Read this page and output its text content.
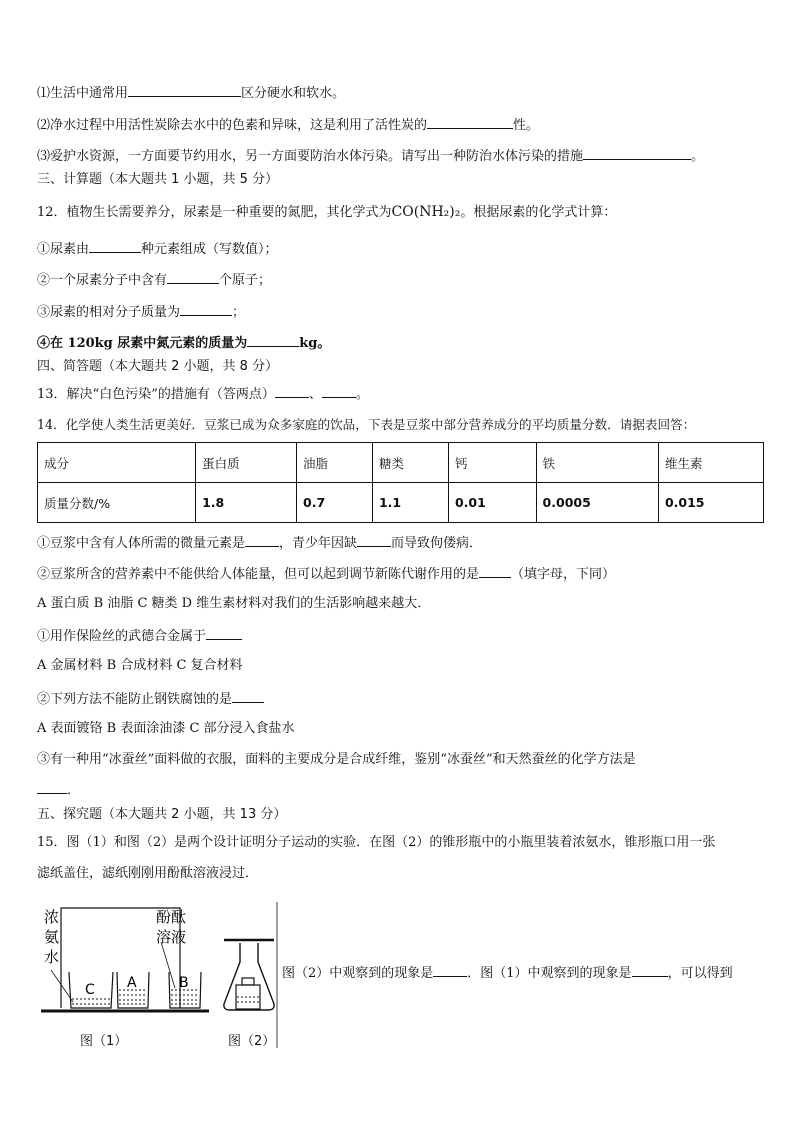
⑴生活中通常用	区分硬水和软水。
⑵净水过程中用活性炭除去水中的色素和异味，这是利用了活性炭的	性。
⑶爱护水资源，一方面要节约用水，另一方面要防治水体污染。请写出一种防治水体污染的措施	。
三、计算题（本大题共 1 小题，共 5 分）
12．植物生长需要养分，尿素是一种重要的氮肥，其化学式为CO(NH₂)₂。根据尿素的化学式计算：
①尿素由	种元素组成（写数值）；
②一个尿素分子中含有	个原子；
③尿素的相对分子质量为	；
④在 120kg 尿素中氮元素的质量为	kg。
四、简答题（本大题共 2 小题，共 8 分）
13．解决“白色污染”的措施有（答两点）	、	。
14．化学使人类生活更美好．豆浆已成为众多家庭的饮品，下表是豆浆中部分营养成分的平均质量分数．请据表回答：
成分	蛋白质	油脂	糖类	钙	铁	维生素
质量分数/%	1.8	0.7	1.1	0.01	0.0005	0.015
①豆浆中含有人体所需的微量元素是	，青少年因缺	而导致佝偻病．
②豆浆所含的营养素中不能供给人体能量，但可以起到调节新陈代谢作用的是 （填字母，下同）
A 蛋白质 B 油脂 C 糖类 D 维生素材料对我们的生活影响越来越大．
①用作保险丝的武德合金属于
A 金属材料 B 合成材料 C 复合材料
②下列方法不能防止钢铁腐蚀的是
A 表面镀铬 B 表面涂油漆 C 部分浸入食盐水
③有一种用“冰蚕丝”面料做的衣服，面料的主要成分是合成纤维，鉴别“冰蚕丝”和天然蚕丝的化学方法是
．
五、探究题（本大题共 2 小题，共 13 分）
15．图（1）和图（2）是两个设计证明分子运动的实验．在图（2）的锥形瓶中的小瓶里装着浓氨水，锥形瓶口用一张
滤纸盖住，滤纸刚刚用酚酞溶液浸过．
浓
氨
水
酚酞
溶液
C A	B
图（1）	图（2）
图（2）中观察到的现象是	．图（1）中观察到的现象是	，可以得到
